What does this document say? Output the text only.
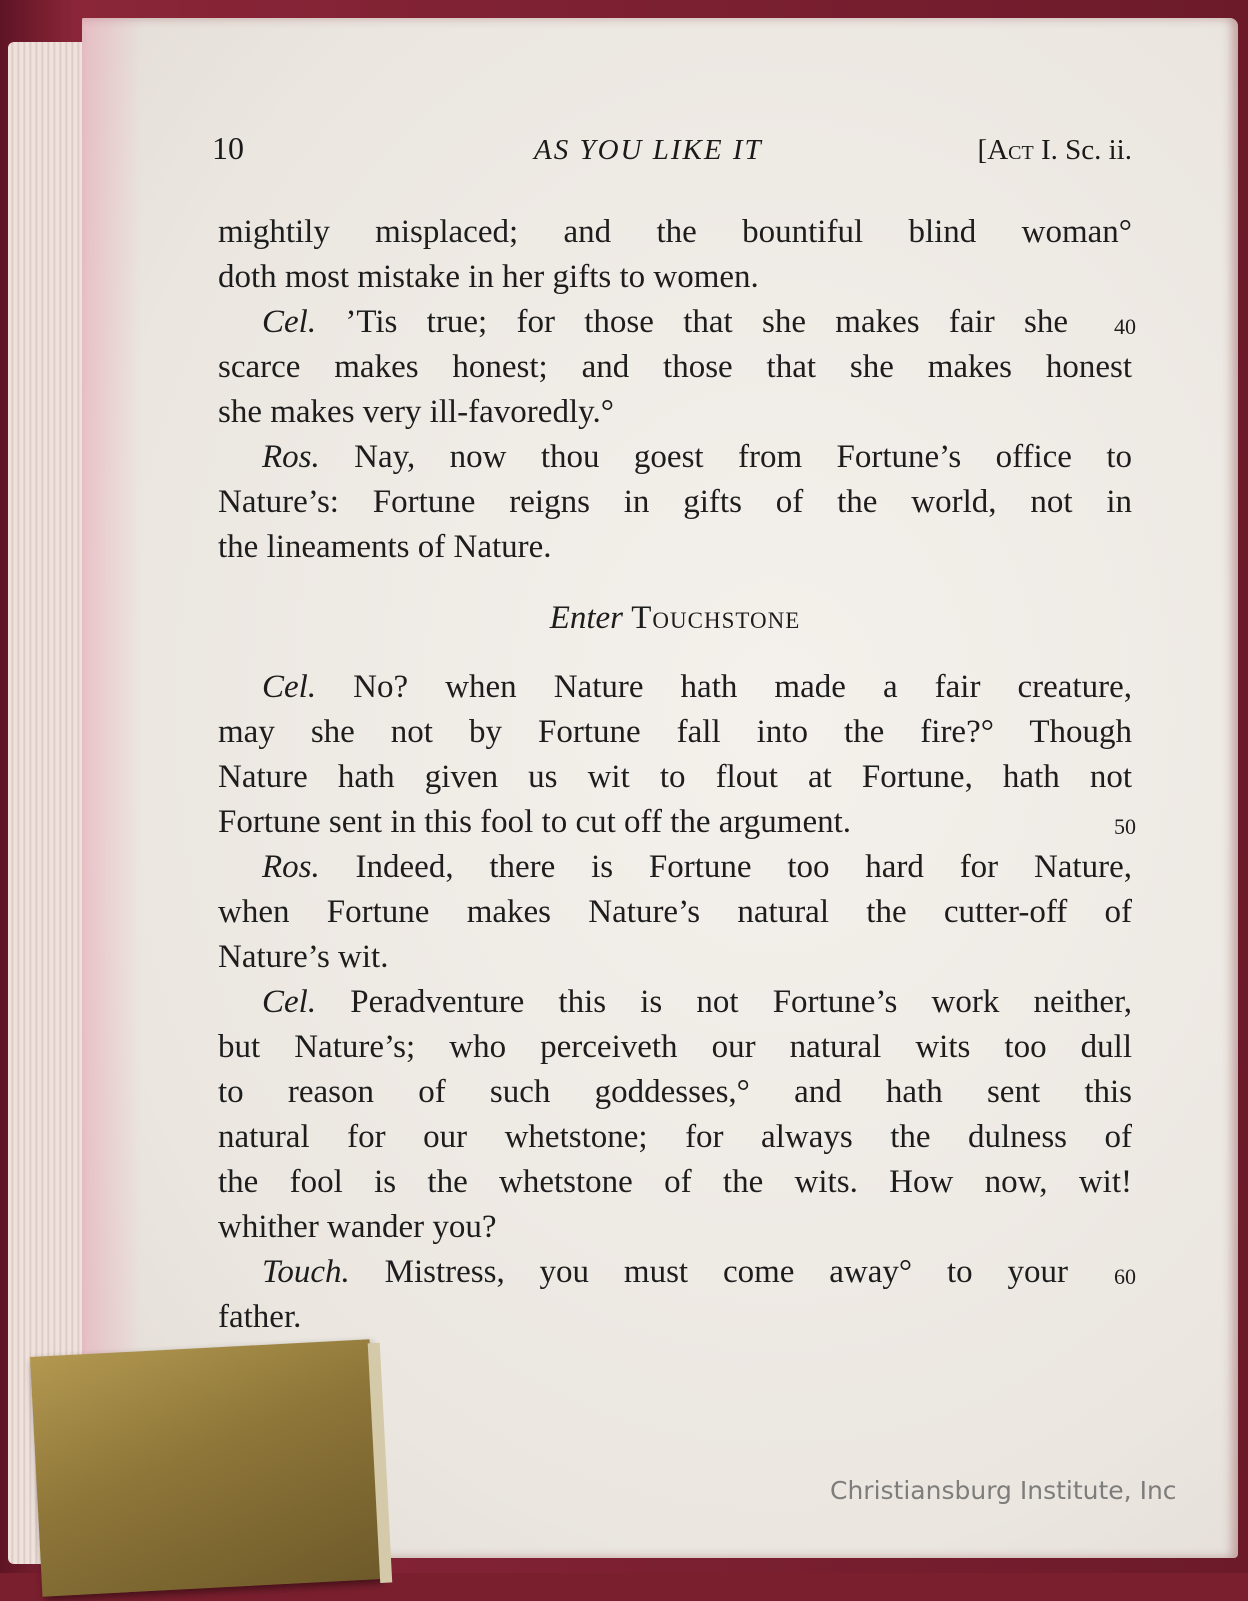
10	AS YOU LIKE IT	[Act I. Sc. ii.
mightily misplaced; and the bountiful blind woman°
doth most mistake in her gifts to women.
Cel. ’Tis true; for those that she makes fair she 40
scarce makes honest; and those that she makes honest
she makes very ill-favoredly.°
Ros. Nay, now thou goest from Fortune’s office to
Nature’s: Fortune reigns in gifts of the world, not in
the lineaments of Nature.
Enter Touchstone
Cel. No? when Nature hath made a fair creature,
may she not by Fortune fall into the fire?° Though
Nature hath given us wit to flout at Fortune, hath not
Fortune sent in this fool to cut off the argument.	50
Ros. Indeed, there is Fortune too hard for Nature,
when Fortune makes Nature’s natural the cutter-off of
Nature’s wit.
Cel. Peradventure this is not Fortune’s work neither,
but Nature’s; who perceiveth our natural wits too dull
to reason of such goddesses,° and hath sent this
natural for our whetstone; for always the dulness of
the fool is the whetstone of the wits. How now, wit!
whither wander you?
Touch. Mistress, you must come away° to your 60
father.
Christiansburg Institute, Inc
